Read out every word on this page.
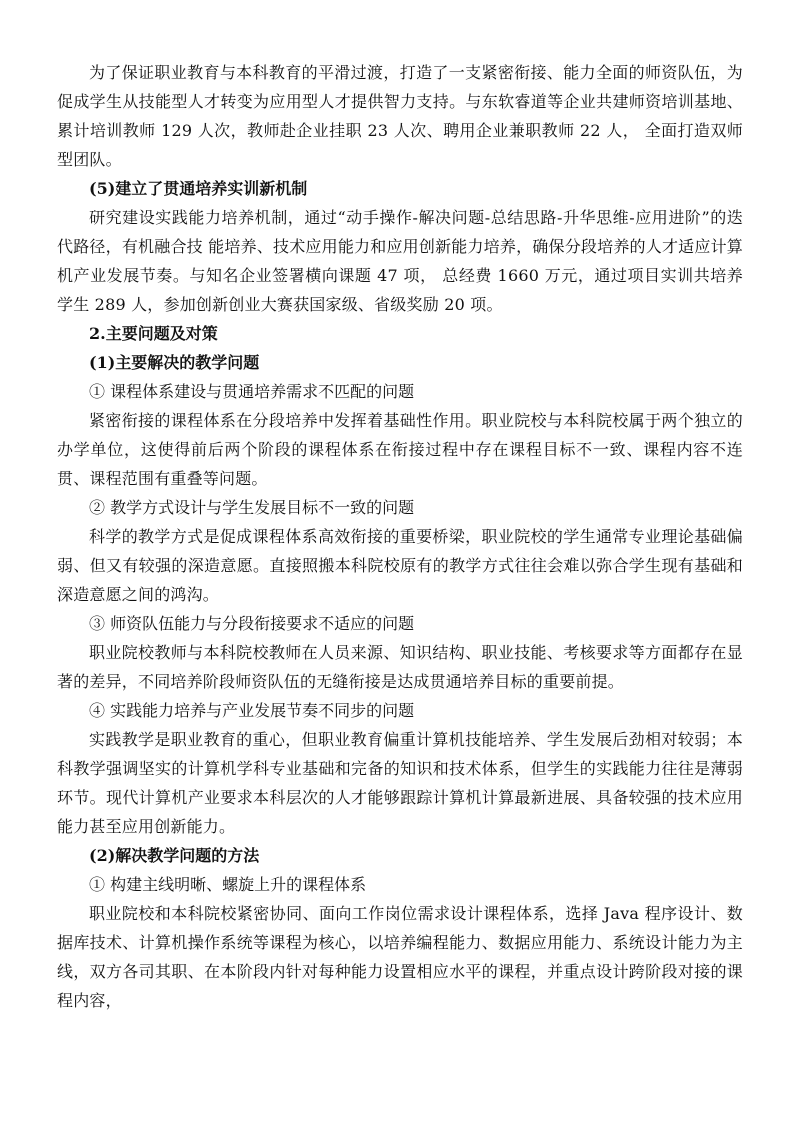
为了保证职业教育与本科教育的平滑过渡，打造了一支紧密衔接、能力全面的师资队伍，为促成学生从技能型人才转变为应用型人才提供智力支持。与东软睿道等企业共建师资培训基地、 累计培训教师 129 人次，教师赴企业挂职 23 人次、聘用企业兼职教师 22 人， 全面打造双师型团队。

(5)建立了贯通培养实训新机制

研究建设实践能力培养机制，通过“动手操作-解决问题-总结思路-升华思维-应用进阶”的迭代路径，有机融合技 能培养、技术应用能力和应用创新能力培养，确保分段培养的人才适应计算机产业发展节奏。与知名企业签署横向课题 47 项， 总经费 1660 万元，通过项目实训共培养学生 289 人，参加创新创业大赛获国家级、省级奖励 20 项。

2.主要问题及对策

(1)主要解决的教学问题

① 课程体系建设与贯通培养需求不匹配的问题

紧密衔接的课程体系在分段培养中发挥着基础性作用。职业院校与本科院校属于两个独立的办学单位，这使得前后两个阶段的课程体系在衔接过程中存在课程目标不一致、课程内容不连贯、课程范围有重叠等问题。

② 教学方式设计与学生发展目标不一致的问题

科学的教学方式是促成课程体系高效衔接的重要桥梁，职业院校的学生通常专业理论基础偏弱、但又有较强的深造意愿。直接照搬本科院校原有的教学方式往往会难以弥合学生现有基础和深造意愿之间的鸿沟。

③ 师资队伍能力与分段衔接要求不适应的问题

职业院校教师与本科院校教师在人员来源、知识结构、职业技能、考核要求等方面都存在显著的差异，不同培养阶段师资队伍的无缝衔接是达成贯通培养目标的重要前提。

④ 实践能力培养与产业发展节奏不同步的问题

实践教学是职业教育的重心，但职业教育偏重计算机技能培养、学生发展后劲相对较弱；本科教学强调坚实的计算机学科专业基础和完备的知识和技术体系，但学生的实践能力往往是薄弱环节。现代计算机产业要求本科层次的人才能够跟踪计算机计算最新进展、具备较强的技术应用能力甚至应用创新能力。

(2)解决教学问题的方法

① 构建主线明晰、螺旋上升的课程体系

职业院校和本科院校紧密协同、面向工作岗位需求设计课程体系，选择 Java 程序设计、数据库技术、计算机操作系统等课程为核心，以培养编程能力、数据应用能力、系统设计能力为主线，双方各司其职、在本阶段内针对每种能力设置相应水平的课程，并重点设计跨阶段对接的课程内容，
